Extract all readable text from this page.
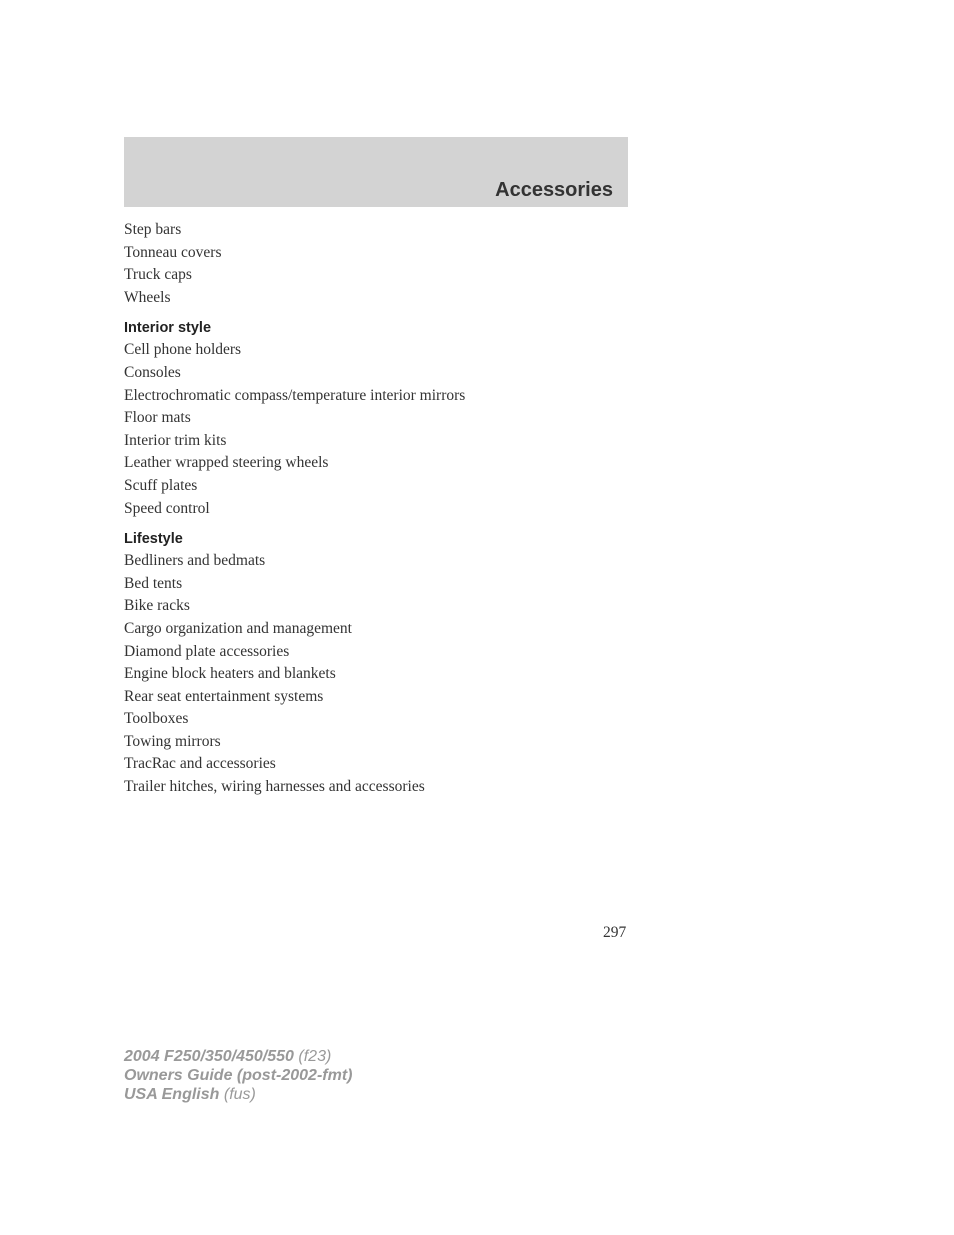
Accessories
Step bars
Tonneau covers
Truck caps
Wheels
Interior style
Cell phone holders
Consoles
Electrochromatic compass/temperature interior mirrors
Floor mats
Interior trim kits
Leather wrapped steering wheels
Scuff plates
Speed control
Lifestyle
Bedliners and bedmats
Bed tents
Bike racks
Cargo organization and management
Diamond plate accessories
Engine block heaters and blankets
Rear seat entertainment systems
Toolboxes
Towing mirrors
TracRac and accessories
Trailer hitches, wiring harnesses and accessories
297
2004 F250/350/450/550 (f23)
Owners Guide (post-2002-fmt)
USA English (fus)
